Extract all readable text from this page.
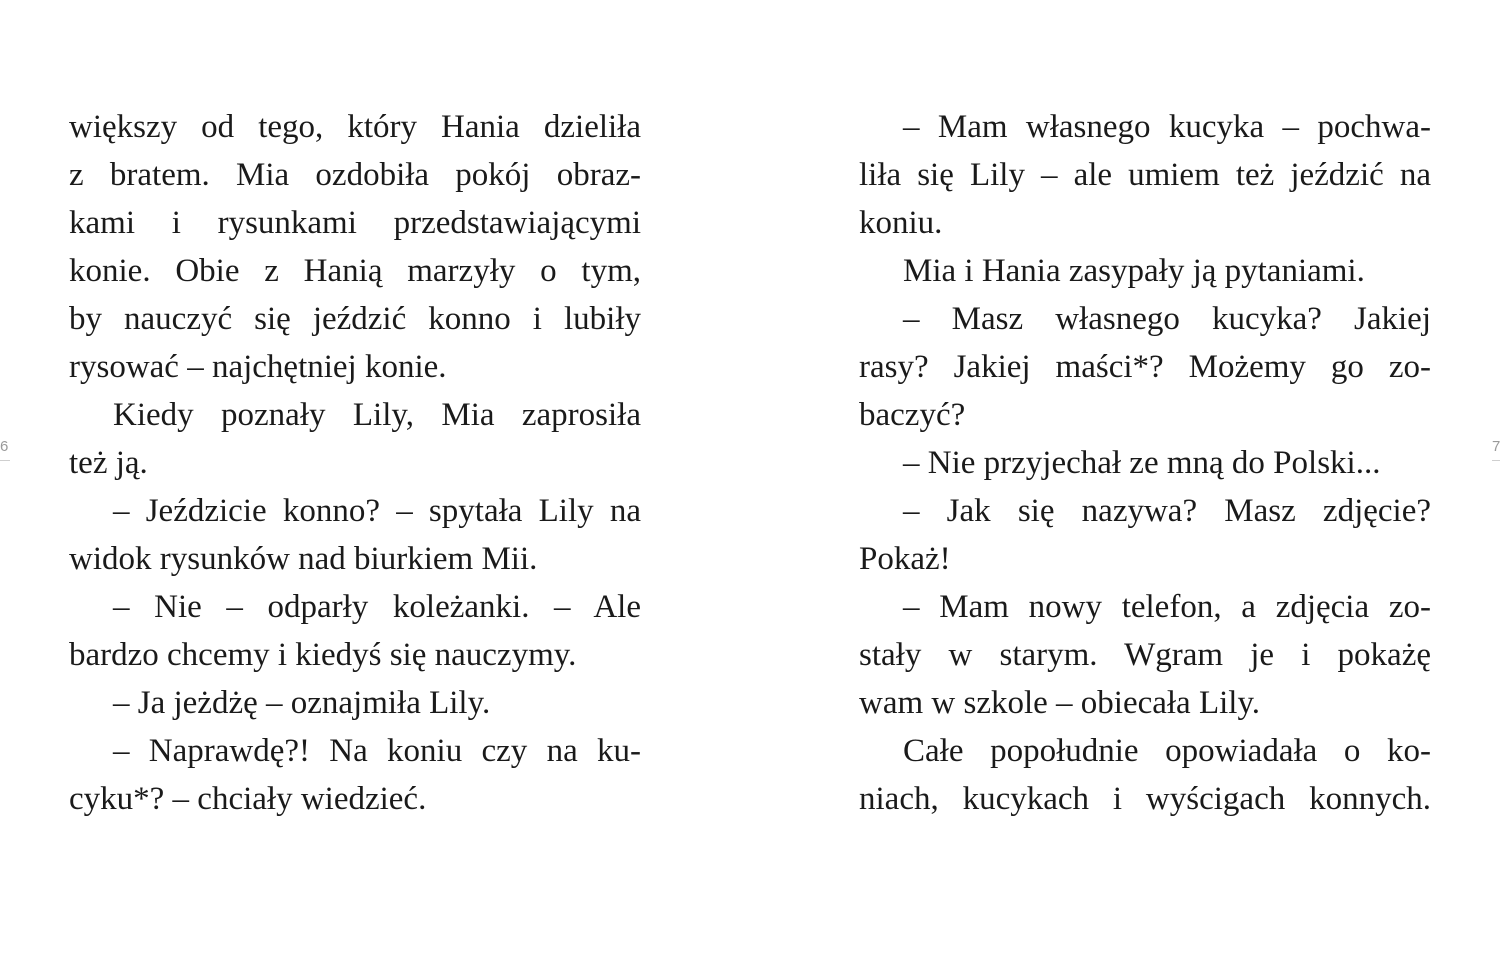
6	7
większy od tego, który Hania dzieliła
z bratem. Mia ozdobiła pokój obraz-
kami i rysunkami przedstawiającymi
konie. Obie z Hanią marzyły o tym,
by nauczyć się jeździć konno i lubiły
rysować – najchętniej konie.
Kiedy poznały Lily, Mia zaprosiła
też ją.
– Jeździcie konno? – spytała Lily na
widok rysunków nad biurkiem Mii.
– Nie – odparły koleżanki. – Ale
bardzo chcemy i kiedyś się nauczymy.
– Ja jeżdżę – oznajmiła Lily.
– Naprawdę?! Na koniu czy na ku-
cyku*? – chciały wiedzieć.
– Mam własnego kucyka – pochwa-
liła się Lily – ale umiem też jeździć na
koniu.
Mia i Hania zasypały ją pytaniami.
– Masz własnego kucyka? Jakiej
rasy? Jakiej maści*? Możemy go zo-
baczyć?
– Nie przyjechał ze mną do Polski...
– Jak się nazywa? Masz zdjęcie?
Pokaż!
– Mam nowy telefon, a zdjęcia zo-
stały w starym. Wgram je i pokażę
wam w szkole – obiecała Lily.
Całe popołudnie opowiadała o ko-
niach, kucykach i wyścigach konnych.
